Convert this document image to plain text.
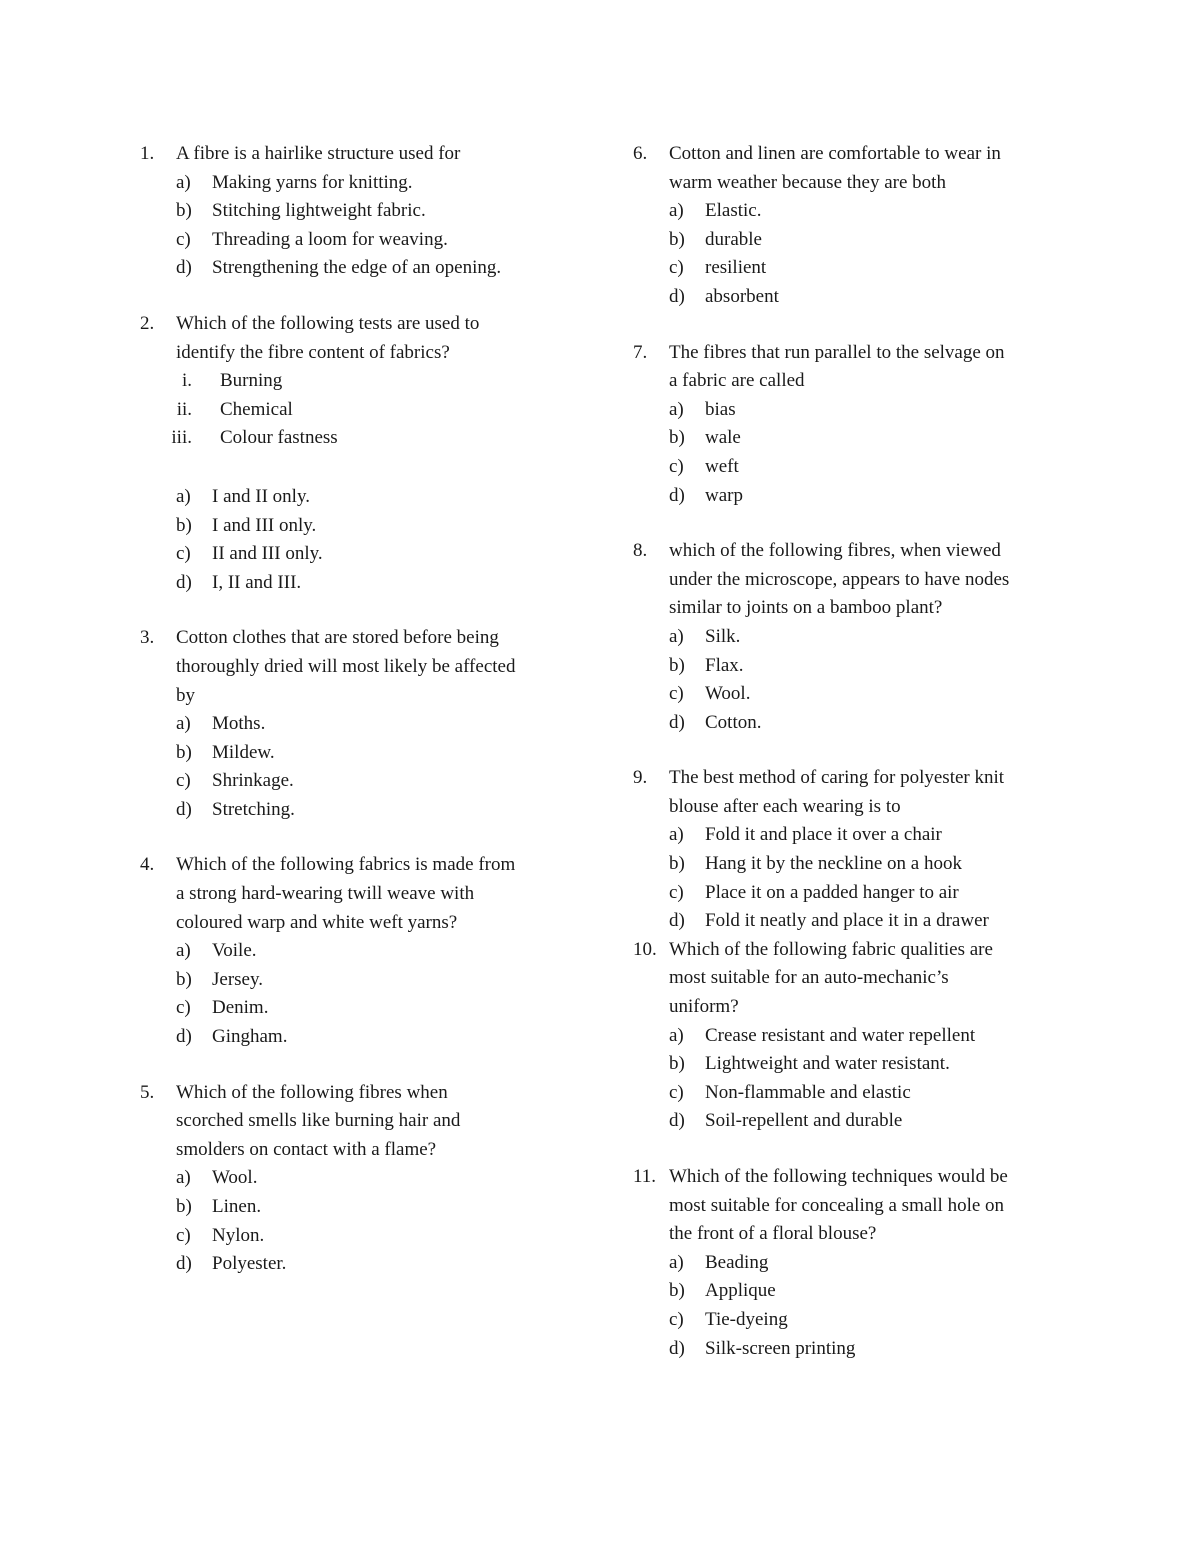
1.	A fibre is a hairlike structure used for
a)	Making yarns for knitting.
b)	Stitching lightweight fabric.
c)	Threading a loom for weaving.
d)	Strengthening the edge of an opening.
2.	Which of the following tests are used to
identify the fibre content of fabrics?
i.	Burning
ii.	Chemical
iii.	Colour fastness
a)	I and II only.
b)	I and III only.
c)	II and III only.
d)	I, II and III.
3.	Cotton clothes that are stored before being
thoroughly dried will most likely be affected
by
a)	Moths.
b)	Mildew.
c)	Shrinkage.
d)	Stretching.
4.	Which of the following fabrics is made from
a strong hard-wearing twill weave with
coloured warp and white weft yarns?
a)	Voile.
b)	Jersey.
c)	Denim.
d)	Gingham.
5.	Which of the following fibres when
scorched smells like burning hair and
smolders on contact with a flame?
a)	Wool.
b)	Linen.
c)	Nylon.
d)	Polyester.
6.	Cotton and linen are comfortable to wear in
warm weather because they are both
a)	Elastic.
b)	durable
c)	resilient
d)	absorbent
7.	The fibres that run parallel to the selvage on
a fabric are called
a)	bias
b)	wale
c)	weft
d)	warp
8.	which of the following fibres, when viewed
under the microscope, appears to have nodes
similar to joints on a bamboo plant?
a)	Silk.
b)	Flax.
c)	Wool.
d)	Cotton.
9.	The best method of caring for polyester knit
blouse after each wearing is to
a)	Fold it and place it over a chair
b)	Hang it by the neckline on a hook
c)	Place it on a padded hanger to air
d)	Fold it neatly and place it in a drawer
10. Which of the following fabric qualities are
most suitable for an auto-mechanic’s
uniform?
a)	Crease resistant and water repellent
b)	Lightweight and water resistant.
c)	Non-flammable and elastic
d)	Soil-repellent and durable
11. Which of the following techniques would be
most suitable for concealing a small hole on
the front of a floral blouse?
a)	Beading
b)	Applique
c)	Tie-dyeing
d)	Silk-screen printing
